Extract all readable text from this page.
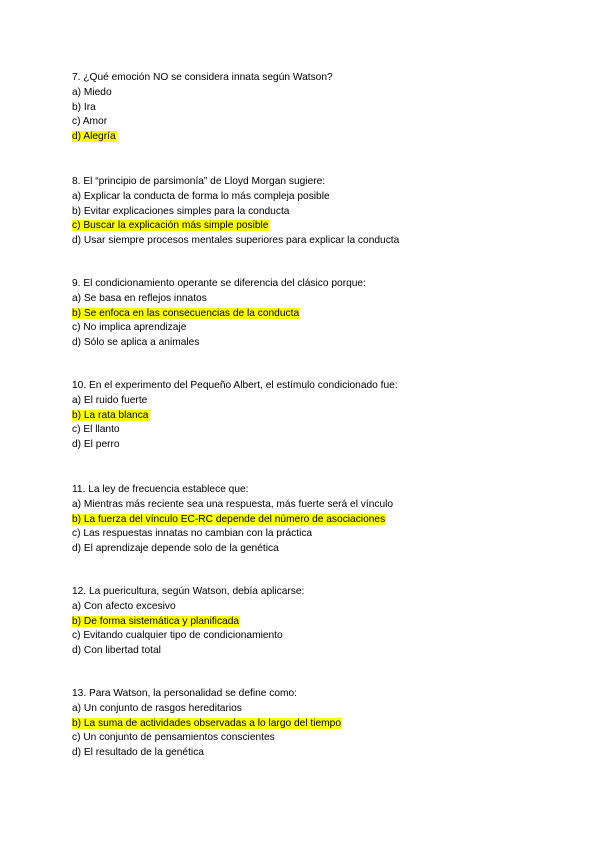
7. ¿Qué emoción NO se considera innata según Watson?
a) Miedo
b) Ira
c) Amor
d) Alegría
8. El “principio de parsimonía” de Lloyd Morgan sugiere:
a) Explicar la conducta de forma lo más compleja posible
b) Evitar explicaciones simples para la conducta
c) Buscar la explicación más simple posible
d) Usar siempre procesos mentales superiores para explicar la conducta
9. El condicionamiento operante se diferencia del clásico porque:
a) Se basa en reflejos innatos
b) Se enfoca en las consecuencias de la conducta
c) No implica aprendizaje
d) Sólo se aplica a animales
10. En el experimento del Pequeño Albert, el estímulo condicionado fue:
a) El ruido fuerte
b) La rata blanca
c) El llanto
d) El perro
11. La ley de frecuencia establece que:
a) Mientras más reciente sea una respuesta, más fuerte será el vínculo
b) La fuerza del vínculo EC-RC depende del número de asociaciones
c) Las respuestas innatas no cambian con la práctica
d) El aprendizaje depende solo de la genética
12. La puericultura, según Watson, debía aplicarse:
a) Con afecto excesivo
b) De forma sistemática y planificada
c) Evitando cualquier tipo de condicionamiento
d) Con libertad total
13. Para Watson, la personalidad se define como:
a) Un conjunto de rasgos hereditarios
b) La suma de actividades observadas a lo largo del tiempo
c) Un conjunto de pensamientos conscientes
d) El resultado de la genética
